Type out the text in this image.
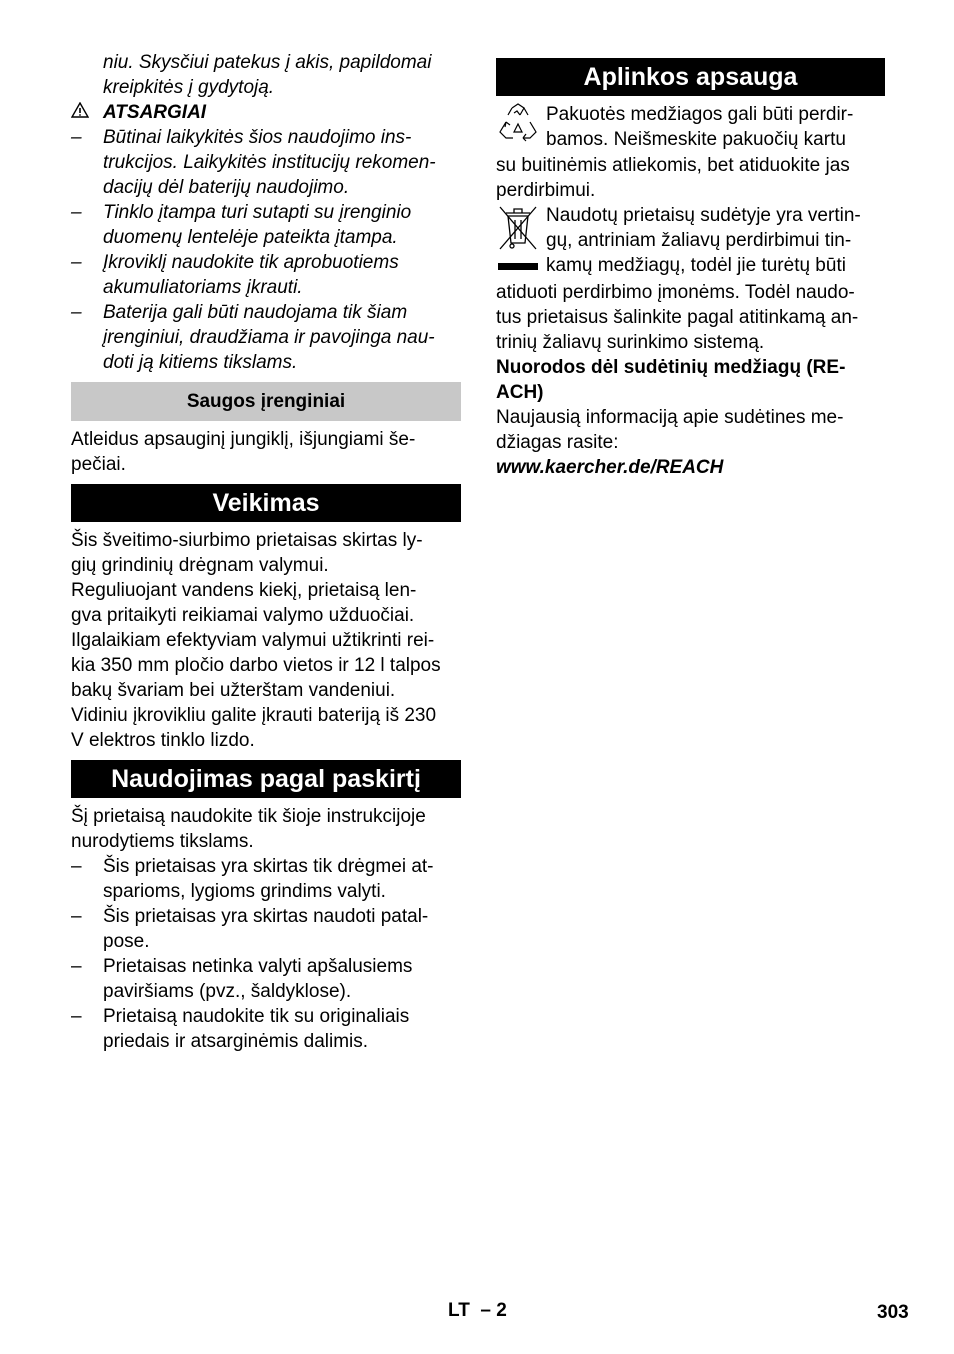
niu. Skysčiui patekus į akis, papildomai

kreipkitės į gydytoją.

ATSARGIAI
–	Būtinai laikykitės šios naudojimo ins-

trukcijos. Laikykitės institucijų rekomen-

dacijų dėl baterijų naudojimo.

–	Tinklo įtampa turi sutapti su įrenginio

duomenų lentelėje pateikta įtampa.

–	Įkroviklį naudokite tik aprobuotiems

akumuliatoriams įkrauti.

–	Baterija gali būti naudojama tik šiam

įrenginiui, draudžiama ir pavojinga nau-

doti ją kitiems tikslams.

Saugos įrenginiai

Atleidus apsauginį jungiklį, išjungiami še-

pečiai.

Veikimas

Šis šveitimo-siurbimo prietaisas skirtas ly-

gių grindinių drėgnam valymui.

Reguliuojant vandens kiekį, prietaisą len-

gva pritaikyti reikiamai valymo užduočiai.

Ilgalaikiam efektyviam valymui užtikrinti rei-

kia 350 mm pločio darbo vietos ir 12 l talpos

bakų švariam bei užterštam vandeniui.

Vidiniu įkrovikliu galite įkrauti bateriją iš 230

V elektros tinklo lizdo.

Naudojimas pagal paskirtį

Šį prietaisą naudokite tik šioje instrukcijoje

nurodytiems tikslams.

–	Šis prietaisas yra skirtas tik drėgmei at-

sparioms, lygioms grindims valyti.

–	Šis prietaisas yra skirtas naudoti patal-

pose.

–	Prietaisas netinka valyti apšalusiems

paviršiams (pvz., šaldyklose).

–	Prietaisą naudokite tik su originaliais

priedais ir atsarginėmis dalimis.

Aplinkos apsauga

Pakuotės medžiagos gali būti perdir-

bamos. Neišmeskite pakuočių kartu

su buitinėmis atliekomis, bet atiduokite jas

perdirbimui.

Naudotų prietaisų sudėtyje yra vertin-

gų, antriniam žaliavų perdirbimui tin-

kamų medžiagų, todėl jie turėtų būti

atiduoti perdirbimo įmonėms. Todėl naudo-

tus prietaisus šalinkite pagal atitinkamą an-

trinių žaliavų surinkimo sistemą.

Nuorodos dėl sudėtinių medžiagų (RE-

ACH)

Naujausią informaciją apie sudėtines me-

džiagas rasite:

www.kaercher.de/REACH

LT  – 2	303
